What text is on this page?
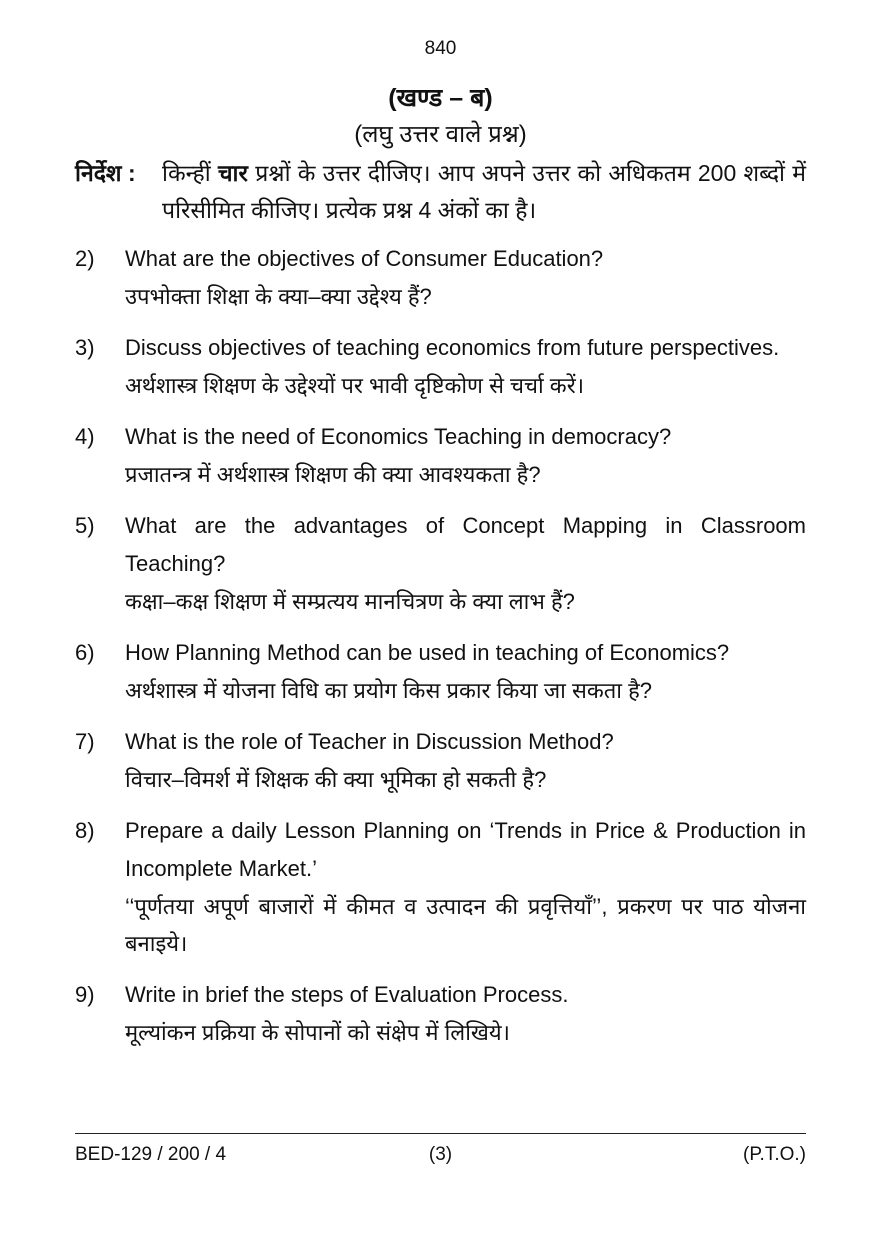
840
(खण्ड – ब)
(लघु उत्तर वाले प्रश्न)
निर्देश : किन्हीं चार प्रश्नों के उत्तर दीजिए। आप अपने उत्तर को अधिकतम 200 शब्दों में परिसीमित कीजिए। प्रत्येक प्रश्न 4 अंकों का है।
2) What are the objectives of Consumer Education?
उपभोक्ता शिक्षा के क्या–क्या उद्देश्य हैं?
3) Discuss objectives of teaching economics from future perspectives.
अर्थशास्त्र शिक्षण के उद्देश्यों पर भावी दृष्टिकोण से चर्चा करें।
4) What is the need of Economics Teaching in democracy?
प्रजातन्त्र में अर्थशास्त्र शिक्षण की क्या आवश्यकता है?
5) What are the advantages of Concept Mapping in Classroom Teaching?
कक्षा–कक्ष शिक्षण में सम्प्रत्यय मानचित्रण के क्या लाभ हैं?
6) How Planning Method can be used in teaching of Economics?
अर्थशास्त्र में योजना विधि का प्रयोग किस प्रकार किया जा सकता है?
7) What is the role of Teacher in Discussion Method?
विचार–विमर्श में शिक्षक की क्या भूमिका हो सकती है?
8) Prepare a daily Lesson Planning on ‘Trends in Price & Production in Incomplete Market.’
‘‘पूर्णतया अपूर्ण बाजारों में कीमत व उत्पादन की प्रवृत्तियाँ’’, प्रकरण पर पाठ योजना बनाइये।
9) Write in brief the steps of Evaluation Process.
मूल्यांकन प्रक्रिया के सोपानों को संक्षेप में लिखिये।
BED-129 / 200 / 4	(3)	(P.T.O.)
